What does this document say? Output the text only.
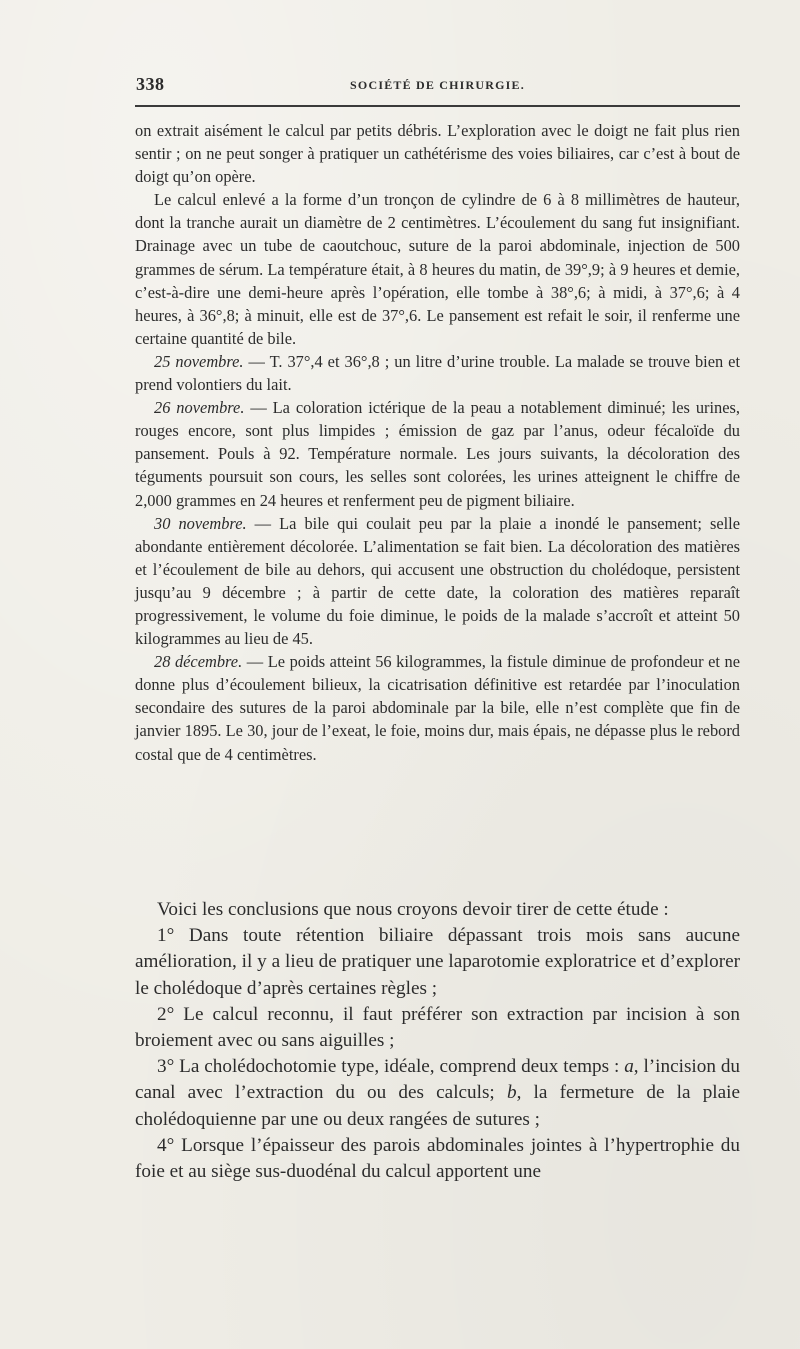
338	SOCIÉTÉ DE CHIRURGIE.

on extrait aisément le calcul par petits débris. L’exploration avec le doigt ne fait plus rien sentir ; on ne peut songer à pratiquer un cathétérisme des voies biliaires, car c’est à bout de doigt qu’on opère.

Le calcul enlevé a la forme d’un tronçon de cylindre de 6 à 8 millimètres de hauteur, dont la tranche aurait un diamètre de 2 centimètres. L’écoulement du sang fut insignifiant. Drainage avec un tube de caoutchouc, suture de la paroi abdominale, injection de 500 grammes de sérum. La température était, à 8 heures du matin, de 39°,9; à 9 heures et demie, c’est-à-dire une demi-heure après l’opération, elle tombe à 38°,6; à midi, à 37°,6; à 4 heures, à 36°,8; à minuit, elle est de 37°,6. Le pansement est refait le soir, il renferme une certaine quantité de bile.

25 novembre. — T. 37°,4 et 36°,8 ; un litre d’urine trouble. La malade se trouve bien et prend volontiers du lait.

26 novembre. — La coloration ictérique de la peau a notablement diminué; les urines, rouges encore, sont plus limpides ; émission de gaz par l’anus, odeur fécaloïde du pansement. Pouls à 92. Température normale. Les jours suivants, la décoloration des téguments poursuit son cours, les selles sont colorées, les urines atteignent le chiffre de 2,000 grammes en 24 heures et renferment peu de pigment biliaire.

30 novembre. — La bile qui coulait peu par la plaie a inondé le pansement; selle abondante entièrement décolorée. L’alimentation se fait bien. La décoloration des matières et l’écoulement de bile au dehors, qui accusent une obstruction du cholédoque, persistent jusqu’au 9 décembre ; à partir de cette date, la coloration des matières reparaît progressivement, le volume du foie diminue, le poids de la malade s’accroît et atteint 50 kilogrammes au lieu de 45.

28 décembre. — Le poids atteint 56 kilogrammes, la fistule diminue de profondeur et ne donne plus d’écoulement bilieux, la cicatrisation définitive est retardée par l’inoculation secondaire des sutures de la paroi abdominale par la bile, elle n’est complète que fin de janvier 1895. Le 30, jour de l’exeat, le foie, moins dur, mais épais, ne dépasse plus le rebord costal que de 4 centimètres.

Voici les conclusions que nous croyons devoir tirer de cette étude :

1° Dans toute rétention biliaire dépassant trois mois sans aucune amélioration, il y a lieu de pratiquer une laparotomie exploratrice et d’explorer le cholédoque d’après certaines règles ;

2° Le calcul reconnu, il faut préférer son extraction par incision à son broiement avec ou sans aiguilles ;

3° La cholédochotomie type, idéale, comprend deux temps : a, l’incision du canal avec l’extraction du ou des calculs; b, la fermeture de la plaie cholédoquienne par une ou deux rangées de sutures ;

4° Lorsque l’épaisseur des parois abdominales jointes à l’hypertrophie du foie et au siège sus-duodénal du calcul apportent une
